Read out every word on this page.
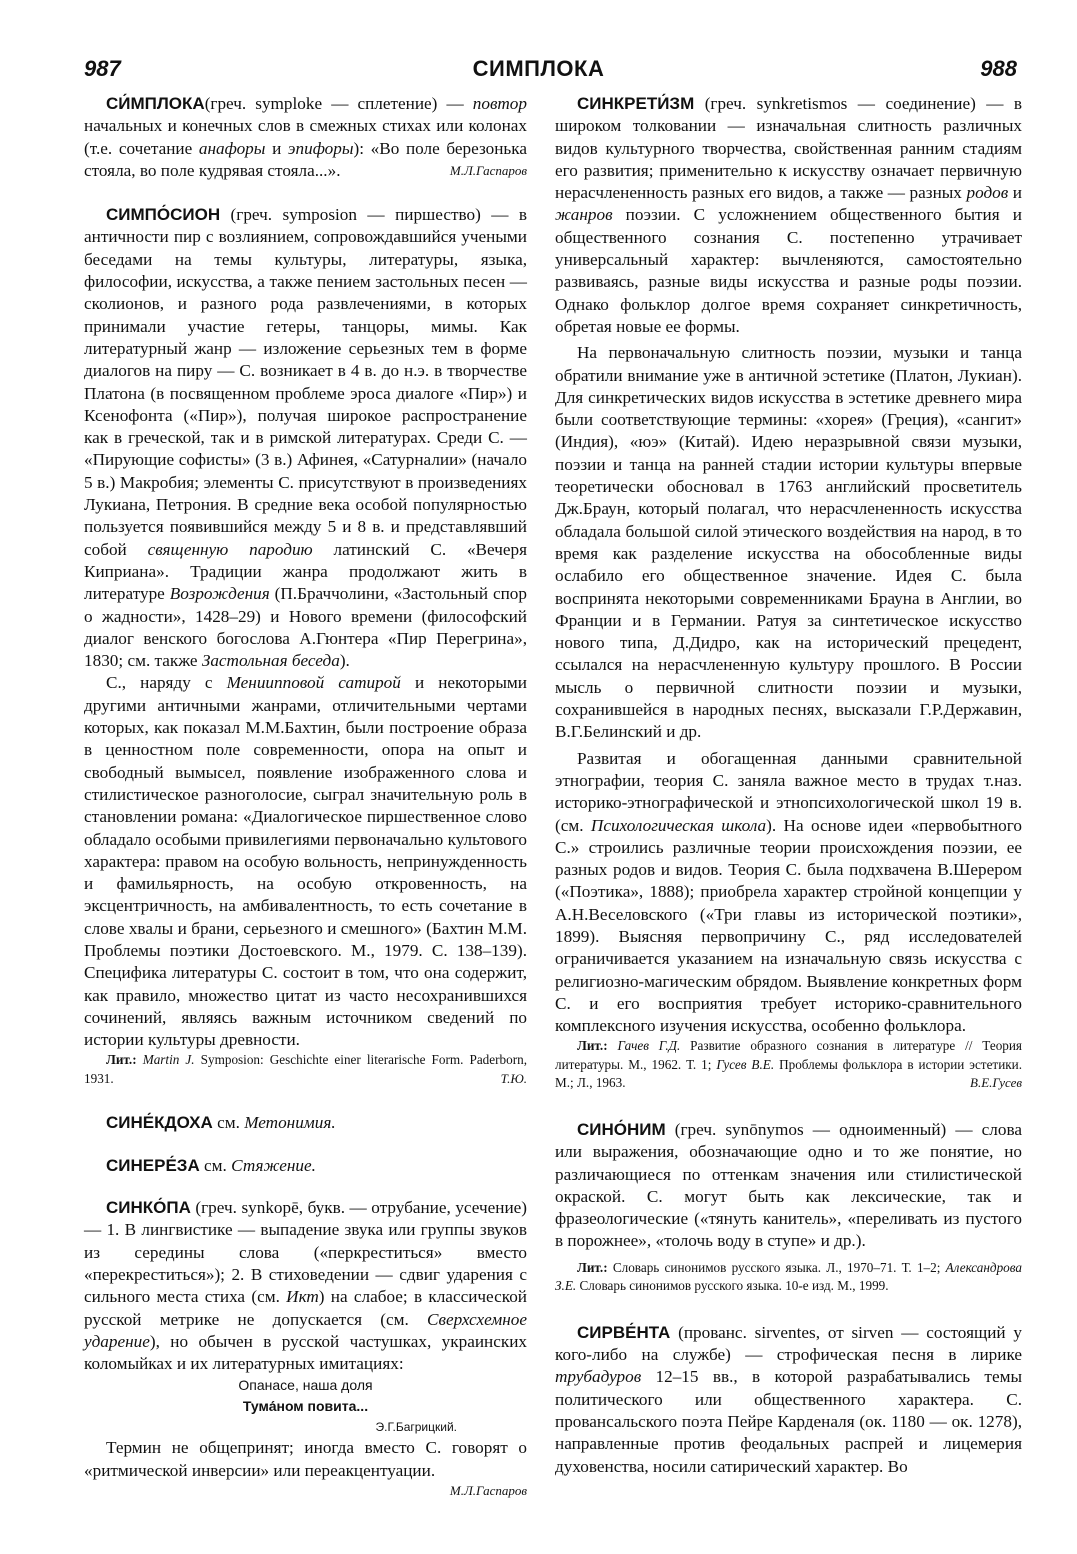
987	СИМПЛОКА	988

СИ́МПЛОКА(греч. symploke — сплетение) — повтор начальных и конечных слов в смежных стихах или колонах (т.е. сочетание анафоры и эпифоры): «Во поле березонька стояла, во поле кудрявая стояла...».	М.Л.Гаспаров

СИМПО́СИОН (греч. symposion — пиршество) — в античности пир с возлиянием, сопровождавшийся учеными беседами на темы культуры, литературы, языка, философии, искусства, а также пением застольных песен — сколионов, и разного рода развлечениями, в которых принимали участие гетеры, танцоры, мимы. Как литературный жанр — изложение серьезных тем в форме диалогов на пиру — С. возникает в 4 в. до н.э. в творчестве Платона (в посвященном проблеме эроса диалоге «Пир») и Ксенофонта («Пир»), получая широкое распространение как в греческой, так и в римской литературах. Среди С. — «Пирующие софисты» (3 в.) Афинея, «Сатурналии» (начало 5 в.) Макробия; элементы С. присутствуют в произведениях Лукиана, Петрония. В средние века особой популярностью пользуется появившийся между 5 и 8 в. и представлявший собой священную пародию латинский С. «Вечеря Киприана». Традиции жанра продолжают жить в литературе Возрождения (П.Браччолини, «Застольный спор о жадности», 1428–29) и Нового времени (философский диалог венского богослова А.Гюнтера «Пир Перегрина», 1830; см. также Застольная беседа).

С., наряду с Мениипповой сатирой и некоторыми другими античными жанрами, отличительными чертами которых, как показал М.М.Бахтин, были построение образа в ценностном поле современности, опора на опыт и свободный вымысел, появление изображенного слова и стилистическое разноголосие, сыграл значительную роль в становлении романа: «Диалогическое пиршественное слово обладало особыми привилегиями первоначально культового характера: правом на особую вольность, непринужденность и фамильярность, на особую откровенность, на эксцентричность, на амбивалентность, то есть сочетание в слове хвалы и брани, серьезного и смешного» (Бахтин М.М. Проблемы поэтики Достоевского. М., 1979. С. 138–139). Специфика литературы С. состоит в том, что она содержит, как правило, множество цитат из часто несохранившихся сочинений, являясь важным источником сведений по истории культуры древности.

Лит.: Martin J. Symposion: Geschichte einer literarische Form. Paderborn, 1931.	Т.Ю.

СИНЕ́КДОХА см. Метонимия.

СИНЕРЕ́ЗА см. Стяжение.

СИНКО́ПА (греч. synkopē, букв. — отрубание, усечение) — 1. В лингвистике — выпадение звука или группы звуков из середины слова («перкреститься» вместо «перекреститься»); 2. В стиховедении — сдвиг ударения с сильного места стиха (см. Икт) на слабое; в классической русской метрике не допускается (см. Сверхсхемное ударение), но обычен в русской частушках, украинских коломыйках и их литературных имитациях:

Опанасе, наша доля
Тума́ном повита...
Э.Г.Багрицкий.

Термин не общепринят; иногда вместо С. говорят о «ритмической инверсии» или переакцентуации.

М.Л.Гаспаров

СИНКРЕТИ́ЗМ (греч. synkretismos — соединение) — в широком толковании — изначальная слитность различных видов культурного творчества, свойственная ранним стадиям его развития; применительно к искусству означает первичную нерасчлененность разных его видов, а также — разных родов и жанров поэзии. С усложнением общественного бытия и общественного сознания С. постепенно утрачивает универсальный характер: вычленяются, самостоятельно развиваясь, разные виды искусства и разные роды поэзии. Однако фольклор долгое время сохраняет синкретичность, обретая новые ее формы.

На первоначальную слитность поэзии, музыки и танца обратили внимание уже в античной эстетике (Платон, Лукиан). Для синкретических видов искусства в эстетике древнего мира были соответствующие термины: «хорея» (Греция), «сангит» (Индия), «юэ» (Китай). Идею неразрывной связи музыки, поэзии и танца на ранней стадии истории культуры впервые теоретически обосновал в 1763 английский просветитель Дж.Браун, который полагал, что нерасчлененность искусства обладала большой силой этического воздействия на народ, в то время как разделение искусства на обособленные виды ослабило его общественное значение. Идея С. была воспринята некоторыми современниками Брауна в Англии, во Франции и в Германии. Ратуя за синтетическое искусство нового типа, Д.Дидро, как на исторический прецедент, ссылался на нерасчлененную культуру прошлого. В России мысль о первичной слитности поэзии и музыки, сохранившейся в народных песнях, высказали Г.Р.Державин, В.Г.Белинский и др.

Развитая и обогащенная данными сравнительной этнографии, теория С. заняла важное место в трудах т.наз. историко-этнографической и этнопсихологической школ 19 в. (см. Психологическая школа). На основе идеи «первобытного С.» строились различные теории происхождения поэзии, ее разных родов и видов. Теория С. была подхвачена В.Шерером («Поэтика», 1888); приобрела характер стройной концепции у А.Н.Веселовского («Три главы из исторической поэтики», 1899). Выясняя первопричину С., ряд исследователей ограничивается указанием на изначальную связь искусства с религиозно-магическим обрядом. Выявление конкретных форм С. и его восприятия требует историко-сравнительного комплексного изучения искусства, особенно фольклора.

Лит.: Гачев Г.Д. Развитие образного сознания в литературе // Теория литературы. М., 1962. Т. 1; Гусев В.Е. Проблемы фольклора в истории эстетики. М.; Л., 1963.	В.Е.Гусев

СИНО́НИМ (греч. synōnymos — одноименный) — слова или выражения, обозначающие одно и то же понятие, но различающиеся по оттенкам значения или стилистической окраской. С. могут быть как лексические, так и фразеологические («тянуть канитель», «переливать из пустого в порожнее», «толочь воду в ступе» и др.).

Лит.: Словарь синонимов русского языка. Л., 1970–71. Т. 1–2; Александрова З.Е. Словарь синонимов русского языка. 10-е изд. М., 1999.

СИРВЕ́НТА (прованс. sirventes, от sirven — состоящий у кого-либо на службе) — строфическая песня в лирике трубадуров 12–15 вв., в которой разрабатывались темы политического или общественного характера. С. провансальского поэта Пейре Карденаля (ок. 1180 — ок. 1278), направленные против феодальных распрей и лицемерия духовенства, носили сатирический характер. Во
